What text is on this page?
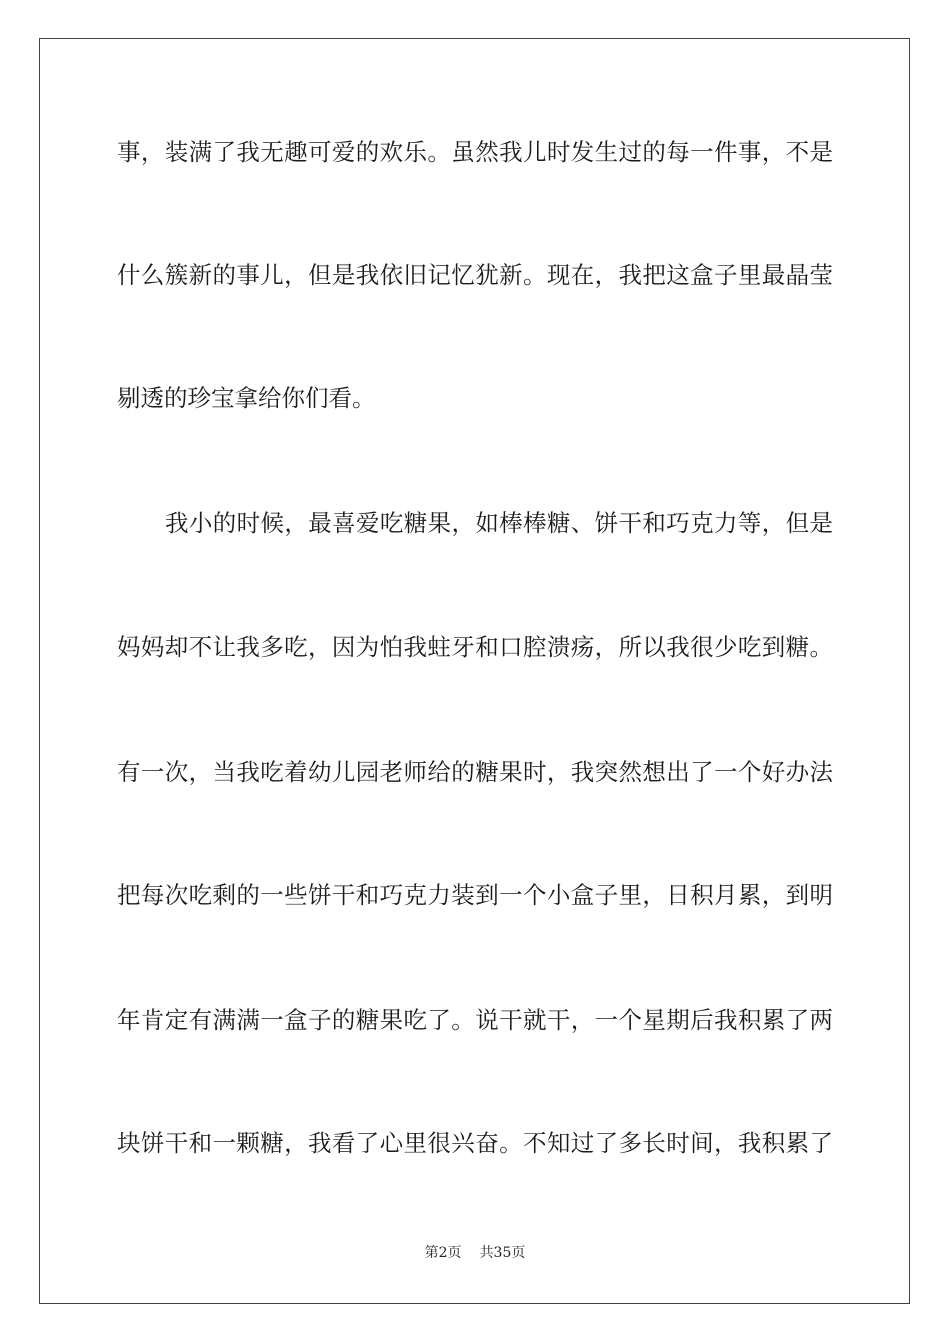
事，装满了我无趣可爱的欢乐。虽然我儿时发生过的每一件事，不是
什么簇新的事儿，但是我依旧记忆犹新。现在，我把这盒子里最晶莹
剔透的珍宝拿给你们看。
我小的时候，最喜爱吃糖果，如棒棒糖、饼干和巧克力等，但是
妈妈却不让我多吃，因为怕我蛀牙和口腔溃疡，所以我很少吃到糖。
有一次，当我吃着幼儿园老师给的糖果时，我突然想出了一个好办法
把每次吃剩的一些饼干和巧克力装到一个小盒子里，日积月累，到明
年肯定有满满一盒子的糖果吃了。说干就干，一个星期后我积累了两
块饼干和一颗糖，我看了心里很兴奋。不知过了多长时间，我积累了
第2页 共35页
